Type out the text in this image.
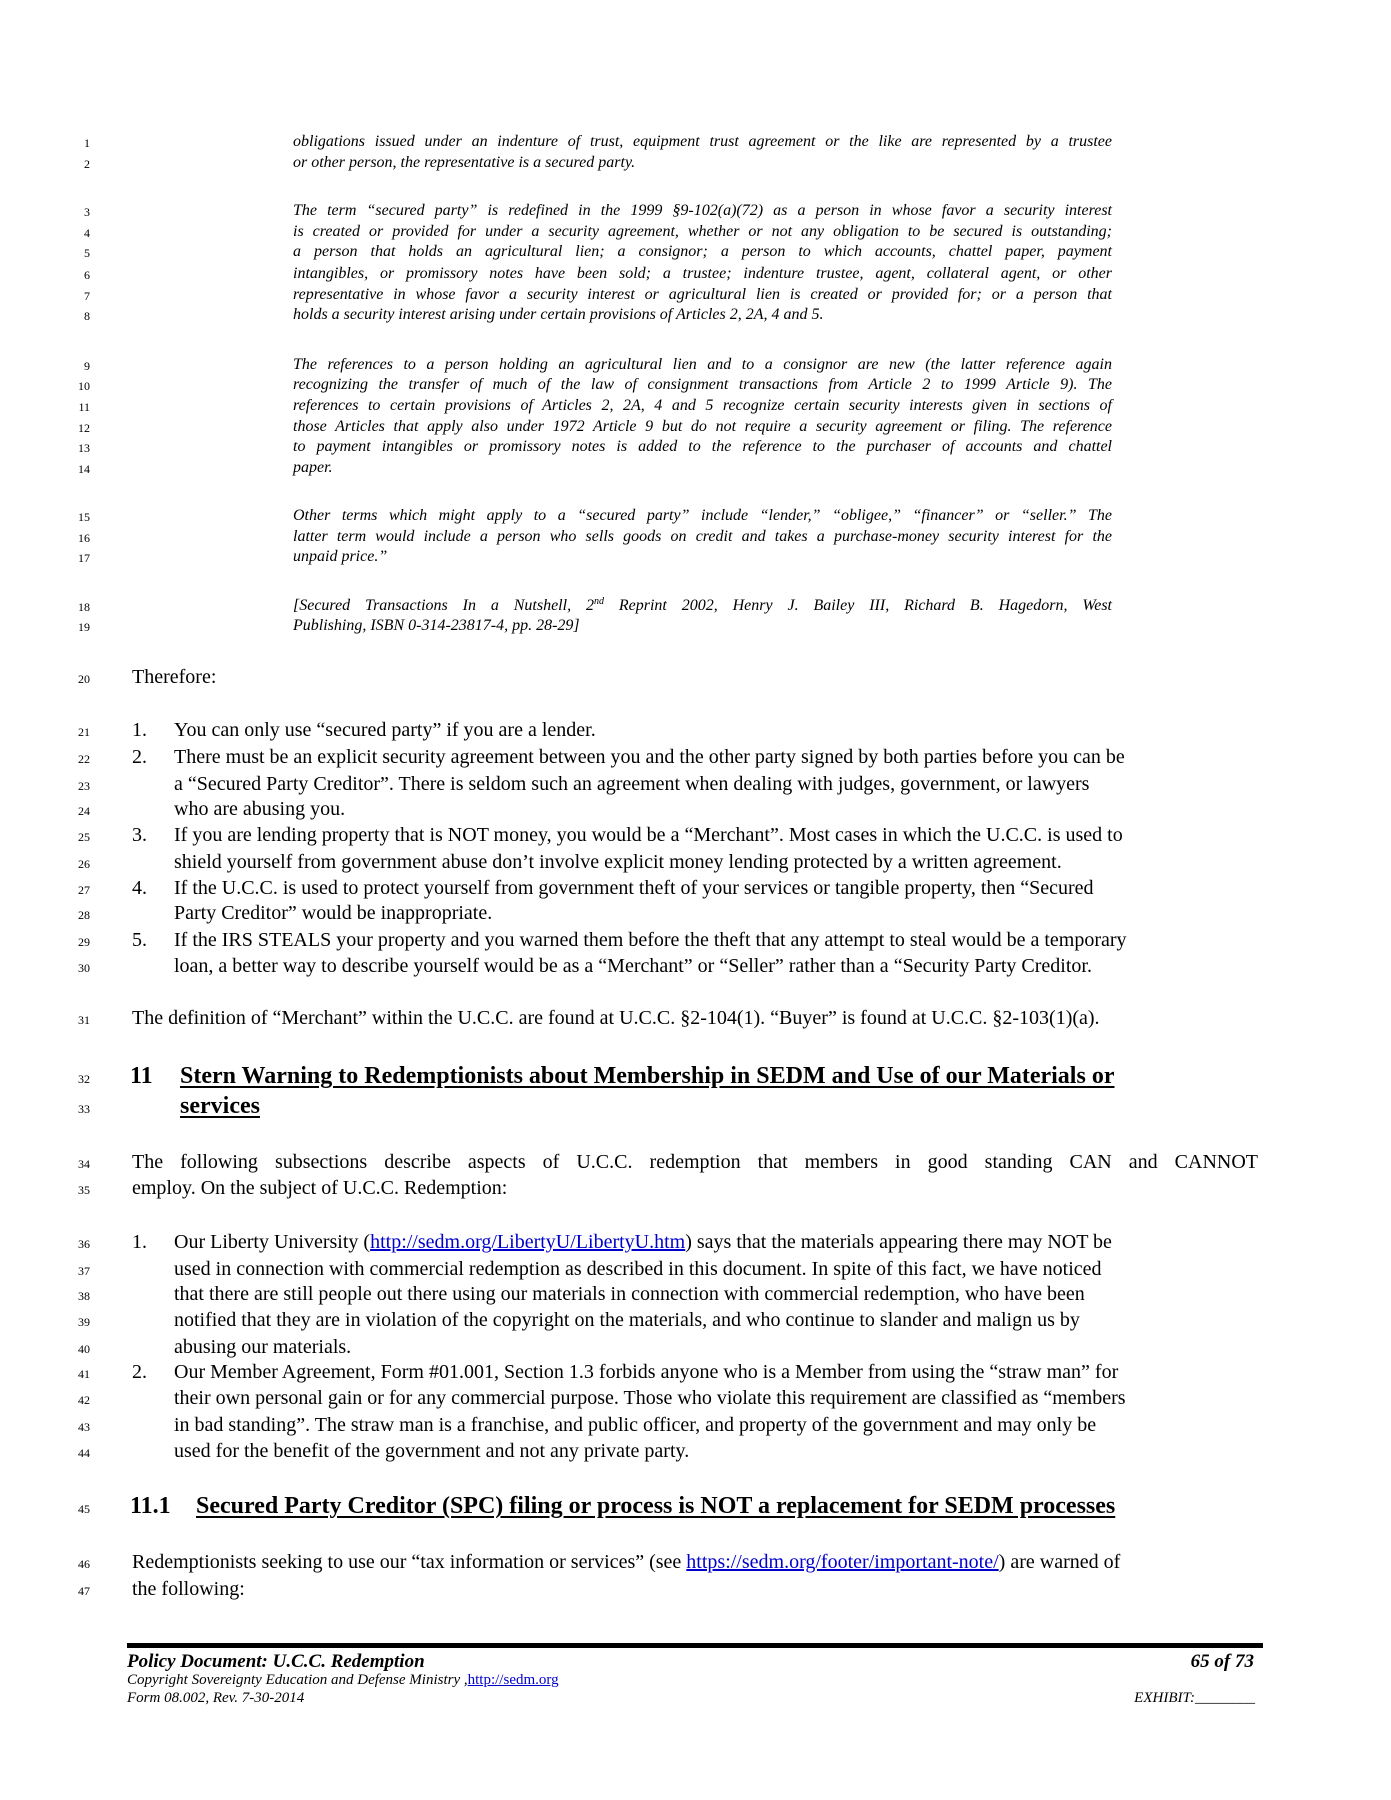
1
2
3
4
5
6
7
8
9
10
11
12
13
14
15
16
17
18
19
20
21
22
23
24
25
26
27
28
29
30
31
32
33
34
35
36
37
38
39
40
41
42
43
44
45
46
47
obligations issued under an indenture of trust, equipment trust agreement or the like are represented by a trustee
or other person, the representative is a secured party.
The term “secured party” is redefined in the 1999 §9-102(a)(72) as a person in whose favor a security interest
is created or provided for under a security agreement, whether or not any obligation to be secured is outstanding;
a person that holds an agricultural lien; a consignor; a person to which accounts, chattel paper, payment
intangibles, or promissory notes have been sold; a trustee; indenture trustee, agent, collateral agent, or other
representative in whose favor a security interest or agricultural lien is created or provided for; or a person that
holds a security interest arising under certain provisions of Articles 2, 2A, 4 and 5.
The references to a person holding an agricultural lien and to a consignor are new (the latter reference again
recognizing the transfer of much of the law of consignment transactions from Article 2 to 1999 Article 9). The
references to certain provisions of Articles 2, 2A, 4 and 5 recognize certain security interests given in sections of
those Articles that apply also under 1972 Article 9 but do not require a security agreement or filing. The reference
to payment intangibles or promissory notes is added to the reference to the purchaser of accounts and chattel
paper.
Other terms which might apply to a “secured party” include “lender,” “obligee,” “financer” or “seller.” The
latter term would include a person who sells goods on credit and takes a purchase-money security interest for the
unpaid price.”
[Secured Transactions In a Nutshell, 2nd Reprint 2002, Henry J. Bailey III, Richard B. Hagedorn, West
Publishing, ISBN 0-314-23817-4, pp. 28-29]
Therefore:
1. You can only use “secured party” if you are a lender.
2. There must be an explicit security agreement between you and the other party signed by both parties before you can be
a “Secured Party Creditor”. There is seldom such an agreement when dealing with judges, government, or lawyers
who are abusing you.
3. If you are lending property that is NOT money, you would be a “Merchant”. Most cases in which the U.C.C. is used to
shield yourself from government abuse don’t involve explicit money lending protected by a written agreement.
4. If the U.C.C. is used to protect yourself from government theft of your services or tangible property, then “Secured
Party Creditor” would be inappropriate.
5. If the IRS STEALS your property and you warned them before the theft that any attempt to steal would be a temporary
loan, a better way to describe yourself would be as a “Merchant” or “Seller” rather than a “Security Party Creditor.
The definition of “Merchant” within the U.C.C. are found at U.C.C. §2-104(1). “Buyer” is found at U.C.C. §2-103(1)(a).
11 Stern Warning to Redemptionists about Membership in SEDM and Use of our Materials or
services
The following subsections describe aspects of U.C.C. redemption that members in good standing CAN and CANNOT
employ. On the subject of U.C.C. Redemption:
1. Our Liberty University (http://sedm.org/LibertyU/LibertyU.htm) says that the materials appearing there may NOT be
used in connection with commercial redemption as described in this document. In spite of this fact, we have noticed
that there are still people out there using our materials in connection with commercial redemption, who have been
notified that they are in violation of the copyright on the materials, and who continue to slander and malign us by
abusing our materials.
2. Our Member Agreement, Form #01.001, Section 1.3 forbids anyone who is a Member from using the “straw man” for
their own personal gain or for any commercial purpose. Those who violate this requirement are classified as “members
in bad standing”. The straw man is a franchise, and public officer, and property of the government and may only be
used for the benefit of the government and not any private party.
11.1 Secured Party Creditor (SPC) filing or process is NOT a replacement for SEDM processes
Redemptionists seeking to use our “tax information or services” (see https://sedm.org/footer/important-note/) are warned of
the following:
Policy Document: U.C.C. Redemption	65 of 73
Copyright Sovereignty Education and Defense Ministry ,http://sedm.org
Form 08.002, Rev. 7-30-2014	EXHIBIT:________
